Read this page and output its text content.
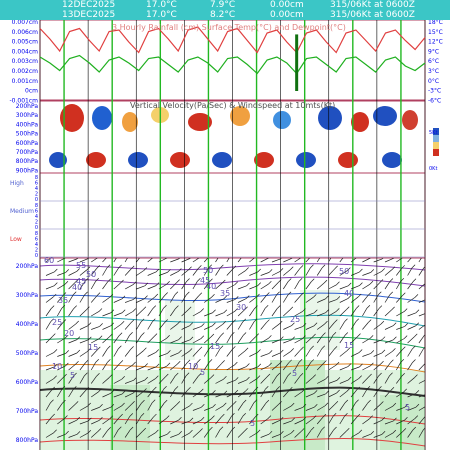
12DEC2025	17.0°C	7.9°C	0.00cm	315/06Kt at 0600Z
13DEC2025	17.0°C	8.2°C	0.00cm	315/06Kt at 0600Z
3 Hourly Rainfall (cm) Surface Temp(°C) and Dewpoint(°C)
Vertical Velocity(Pa/Sec) & Windspeed at 10mts(Kt)
0.007cm
0.006cm
0.005cm
0.004cm
0.003cm
0.002cm
0.001cm
0cm
-0.001cm
18°C
15°C
12°C
9°C
6°C
3°C
0°C
-3°C
-6°C
200hPa
300hPa
400hPa
500hPa
600hPa
700hPa
800hPa
900hPa
High
8
6
4
2
0
Medium
8
6
4
2
0
Low
8
6
4
2
0
200hPa
300hPa
400hPa
500hPa
600hPa
700hPa
800hPa
60
55
50
45
40
35
25
20
15
10
5
50
45
40
35
30
25
15
10
5	5
50
40
15
5
5
5Kt
0Kt
